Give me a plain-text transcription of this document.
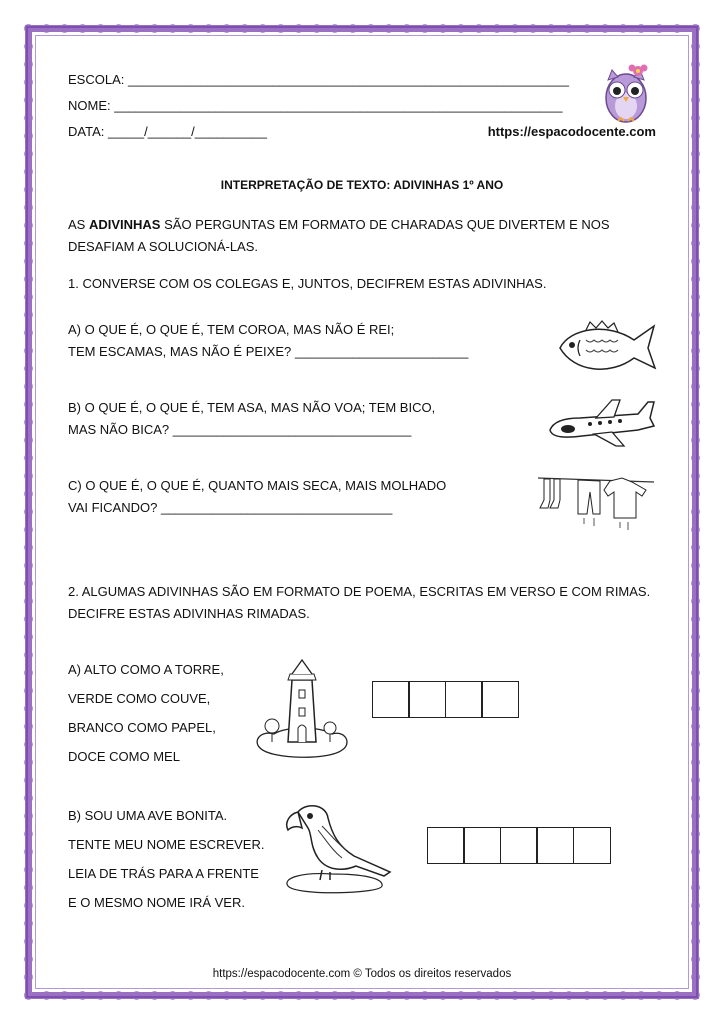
ESCOLA: _____________________________________________________________
NOME: ______________________________________________________________
DATA: _____/______/__________	https://espacodocente.com
INTERPRETAÇÃO DE TEXTO: ADIVINHAS 1º ANO
AS ADIVINHAS SÃO PERGUNTAS EM FORMATO DE CHARADAS QUE DIVERTEM E NOS DESAFIAM A SOLUCIONÁ-LAS.
1. CONVERSE COM OS COLEGAS E, JUNTOS, DECIFREM ESTAS ADIVINHAS.
A) O QUE É, O QUE É, TEM COROA, MAS NÃO É REI;
TEM ESCAMAS, MAS NÃO É PEIXE? ________________________
B) O QUE É, O QUE É, TEM ASA, MAS NÃO VOA; TEM BICO,
MAS NÃO BICA? _________________________________
C) O QUE É, O QUE É, QUANTO MAIS SECA, MAIS MOLHADO
VAI FICANDO? ________________________________
2. ALGUMAS ADIVINHAS SÃO EM FORMATO DE POEMA, ESCRITAS EM VERSO E COM RIMAS.
DECIFRE ESTAS ADIVINHAS RIMADAS.
A) ALTO COMO A TORRE,
VERDE COMO COUVE,
BRANCO COMO PAPEL,
DOCE COMO MEL
B) SOU UMA AVE BONITA.
TENTE MEU NOME ESCREVER.
LEIA DE TRÁS PARA A FRENTE
E O MESMO NOME IRÁ VER.
https://espacodocente.com © Todos os direitos reservados
